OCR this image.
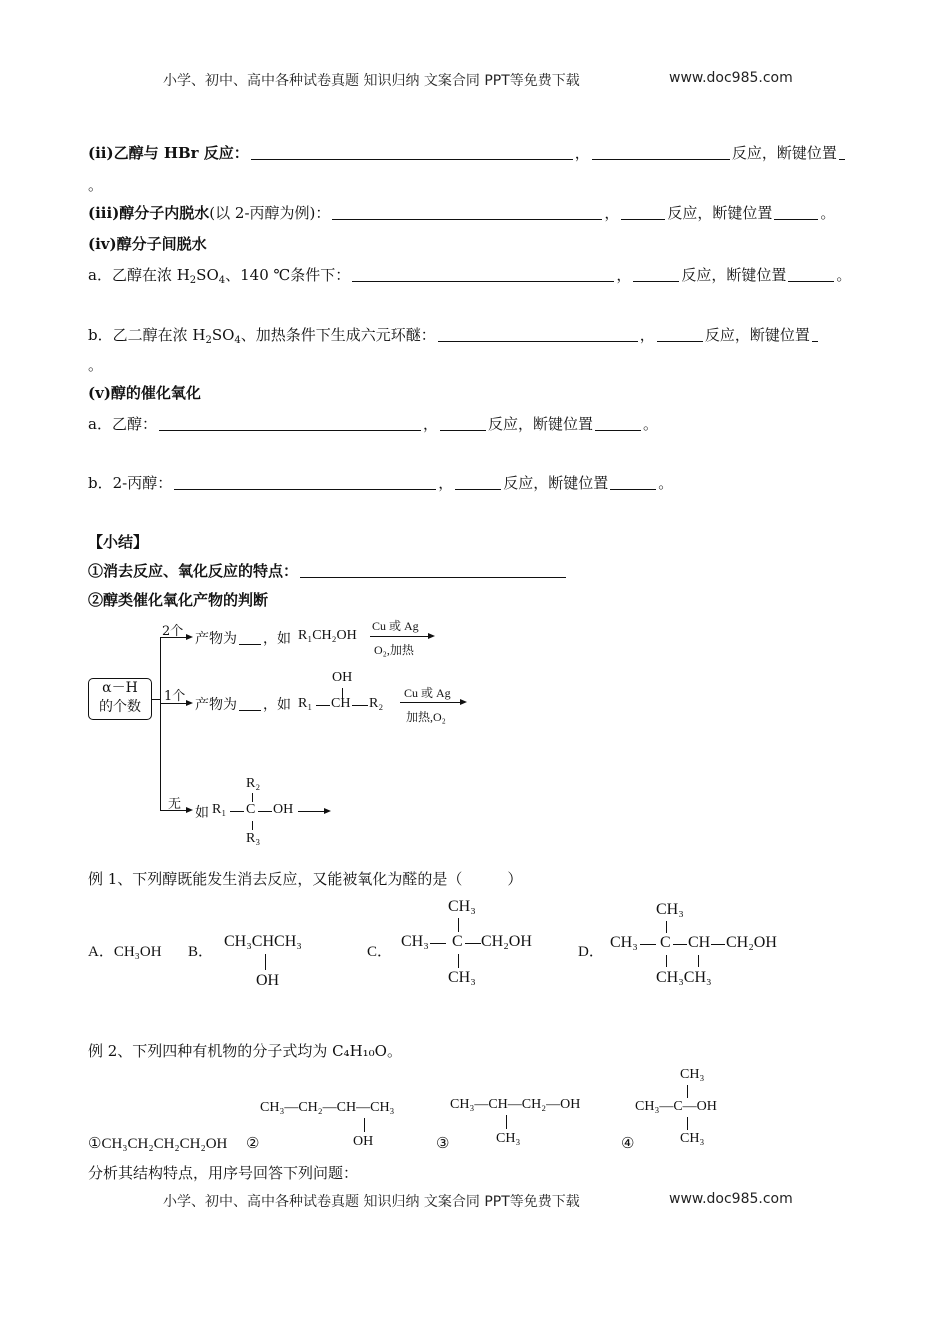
小学、初中、高中各种试卷真题 知识归纳 文案合同 PPT等免费下载	www.doc985.com
(ii)乙醇与 HBr 反应：	，	反应，断键位置
。
(iii)醇分子内脱水(以 2-丙醇为例)：	，	反应，断键位置	。
(iv)醇分子间脱水
a．乙醇在浓 $H_2SO_4$、140 ℃条件下：	，	反应，断键位置	。
b．乙二醇在浓 $H_2SO_4$、加热条件下生成六元环醚：	，	反应，断键位置
。
(v)醇的催化氧化
a．乙醇：	，	反应，断键位置	。
b．2-丙醇：	，	反应，断键位置	。
【小结】
①消去反应、氧化反应的特点：
②醇类催化氧化产物的判断
α－H
的个数
2个 产物为 ，如 R₁CH₂OH
Cu 或 Ag
O₂,加热
1个
产物为 ，如
OH
R₁ CH R₂
Cu 或 Ag
加热,O₂
无
如
R₂
R₁ C OH
R₃
例 1、下列醇既能发生消去反应，又能被氧化为醛的是（　　　）
A．CH₃OH B．
CH₃CHCH₃
OH
C．
CH₃
CH₃ C CH₂OH
CH₃
D．
CH₃
CH₃ C CH CH₂OH
CH₃CH₃
例 2、下列四种有机物的分子式均为 C₄H₁₀O。
①CH₃CH₂CH₂CH₂OH ②
CH₃—CH₂—CH—CH₃
OH	③
CH₃—CH—CH₂—OH
CH₃	④
CH₃
CH₃—C—OH
CH₃
分析其结构特点，用序号回答下列问题：
小学、初中、高中各种试卷真题 知识归纳 文案合同 PPT等免费下载	www.doc985.com
